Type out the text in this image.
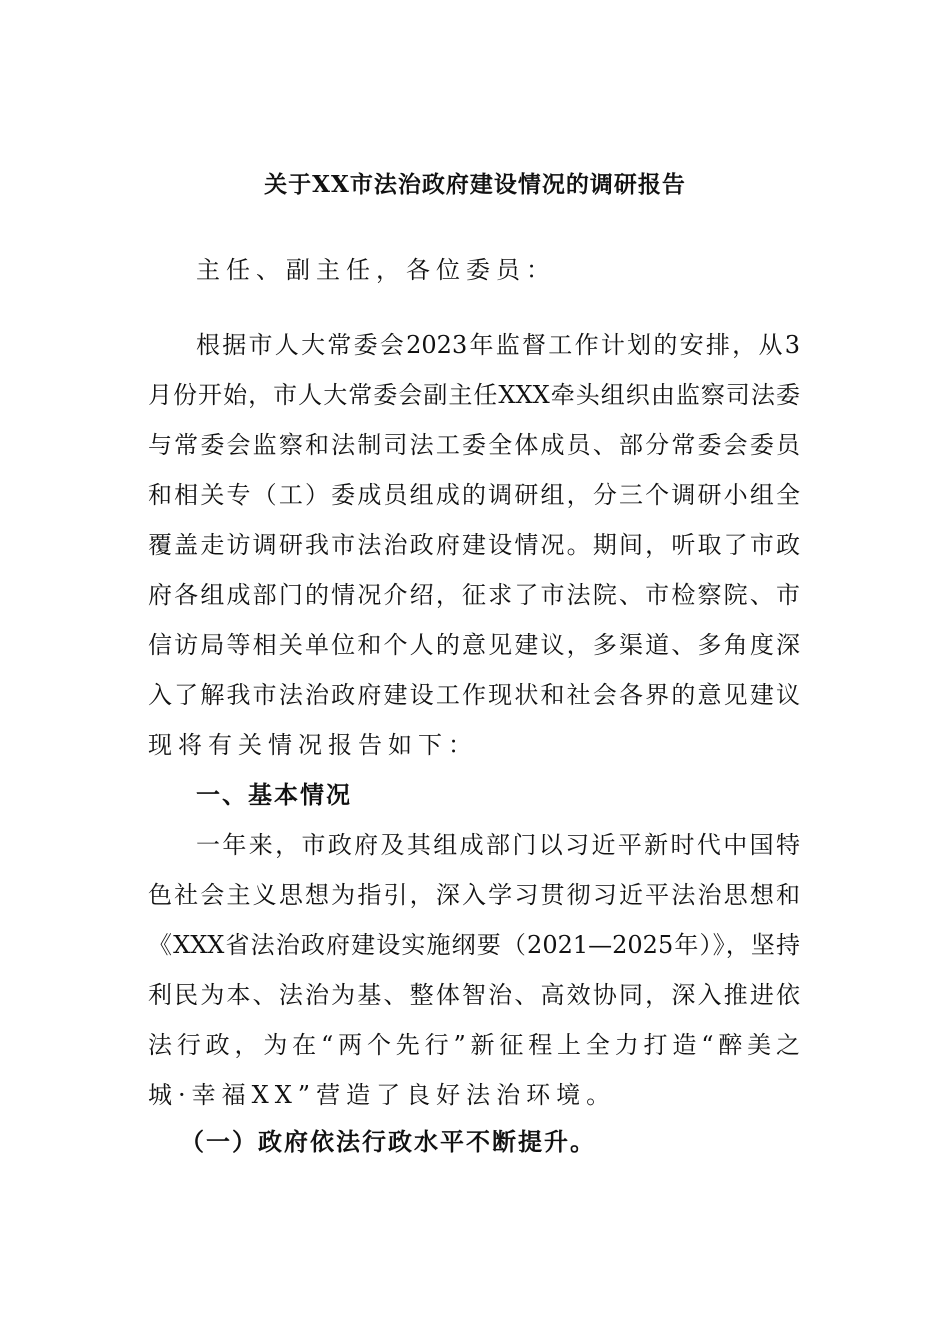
关于XX市法治政府建设情况的调研报告
主任、副主任，各位委员：
根据市人大常委会2023年监督工作计划的安排，从3
月份开始，市人大常委会副主任XXX牵头组织由监察司法委
与常委会监察和法制司法工委全体成员、部分常委会委员
和相关专（工）委成员组成的调研组，分三个调研小组全
覆盖走访调研我市法治政府建设情况。期间，听取了市政
府各组成部门的情况介绍，征求了市法院、市检察院、市
信访局等相关单位和个人的意见建议，多渠道、多角度深
入了解我市法治政府建设工作现状和社会各界的意见建议
现将有关情况报告如下：
一、基本情况
一年来，市政府及其组成部门以习近平新时代中国特
色社会主义思想为指引，深入学习贯彻习近平法治思想和
《XXX省法治政府建设实施纲要（2021—2025年）》，坚持
利民为本、法治为基、整体智治、高效协同，深入推进依
法行政，为在“两个先行”新征程上全力打造“醉美之
城·幸福XX”营造了良好法治环境。
（一）政府依法行政水平不断提升。
